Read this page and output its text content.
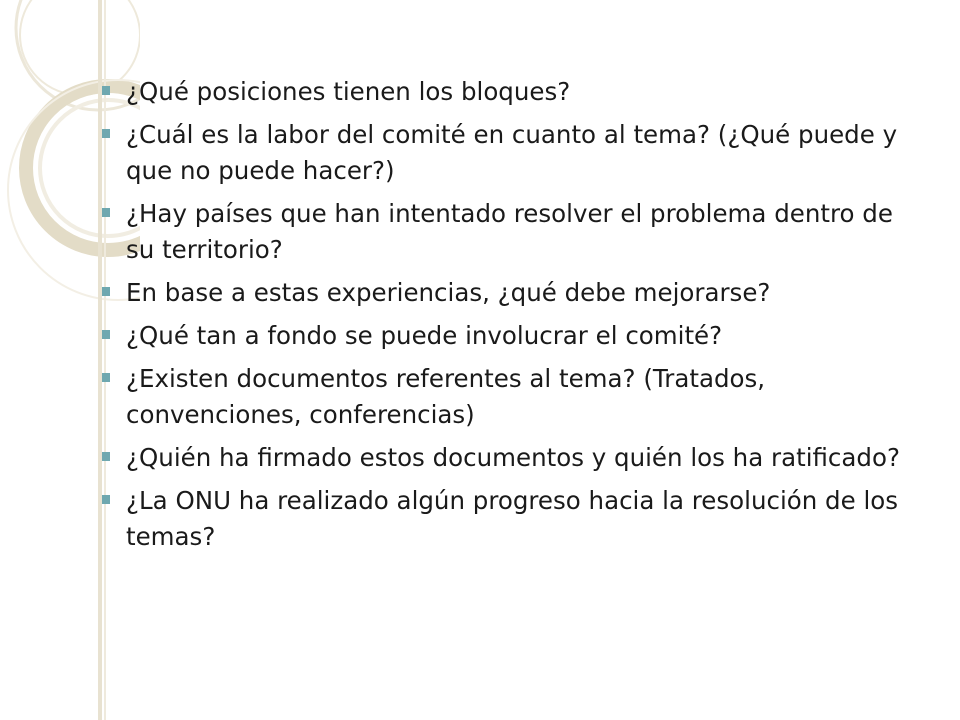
¿Qué posiciones tienen los bloques?
¿Cuál es la labor del comité en cuanto al tema? (¿Qué puede y que no puede hacer?)
¿Hay países que han intentado resolver el problema dentro de su territorio?
En base a estas experiencias, ¿qué debe mejorarse?
¿Qué tan a fondo se puede involucrar el comité?
¿Existen documentos referentes al tema? (Tratados, convenciones, conferencias)
¿Quién ha firmado estos documentos y quién los ha ratificado?
¿La ONU ha realizado algún progreso hacia la resolución de los temas?
